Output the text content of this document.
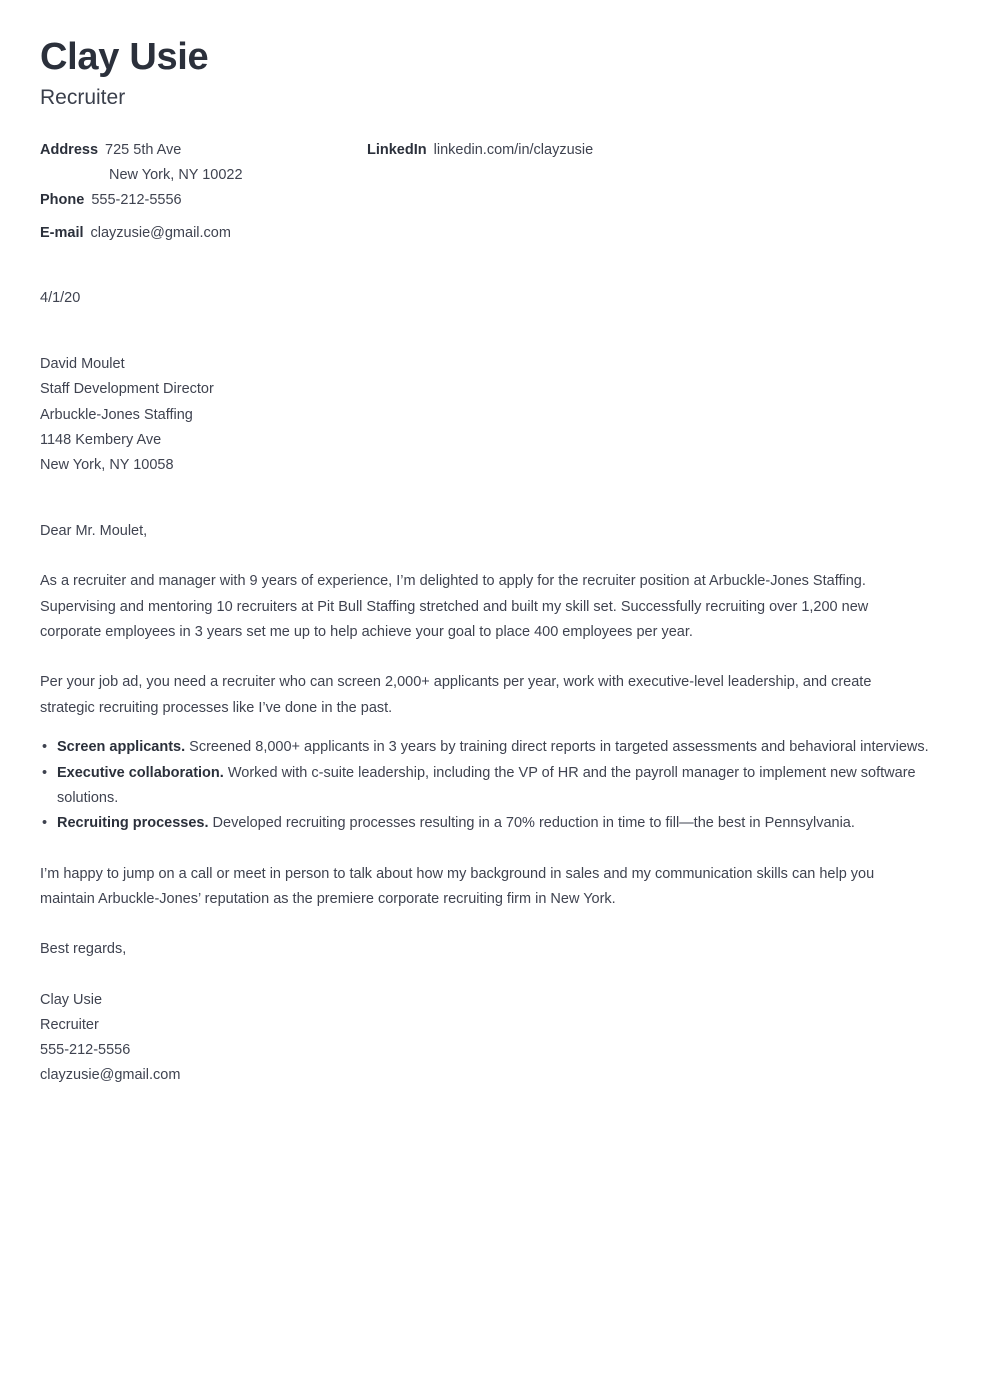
Clay Usie
Recruiter
Address 725 5th Ave
New York, NY 10022
Phone 555-212-5556
E-mail clayzusie@gmail.com
LinkedIn linkedin.com/in/clayzusie
4/1/20
David Moulet
Staff Development Director
Arbuckle-Jones Staffing
1148 Kembery Ave
New York, NY 10058
Dear Mr. Moulet,

As a recruiter and manager with 9 years of experience, I’m delighted to apply for the recruiter position at Arbuckle-Jones Staffing. Supervising and mentoring 10 recruiters at Pit Bull Staffing stretched and built my skill set. Successfully recruiting over 1,200 new corporate employees in 3 years set me up to help achieve your goal to place 400 employees per year.

Per your job ad, you need a recruiter who can screen 2,000+ applicants per year, work with executive-level leadership, and create strategic recruiting processes like I’ve done in the past.

• Screen applicants. Screened 8,000+ applicants in 3 years by training direct reports in targeted assessments and behavioral interviews.
• Executive collaboration. Worked with c-suite leadership, including the VP of HR and the payroll manager to implement new software solutions.
• Recruiting processes. Developed recruiting processes resulting in a 70% reduction in time to fill—the best in Pennsylvania.

I’m happy to jump on a call or meet in person to talk about how my background in sales and my communication skills can help you maintain Arbuckle-Jones’ reputation as the premiere corporate recruiting firm in New York.

Best regards,
Clay Usie
Recruiter
555-212-5556
clayzusie@gmail.com
